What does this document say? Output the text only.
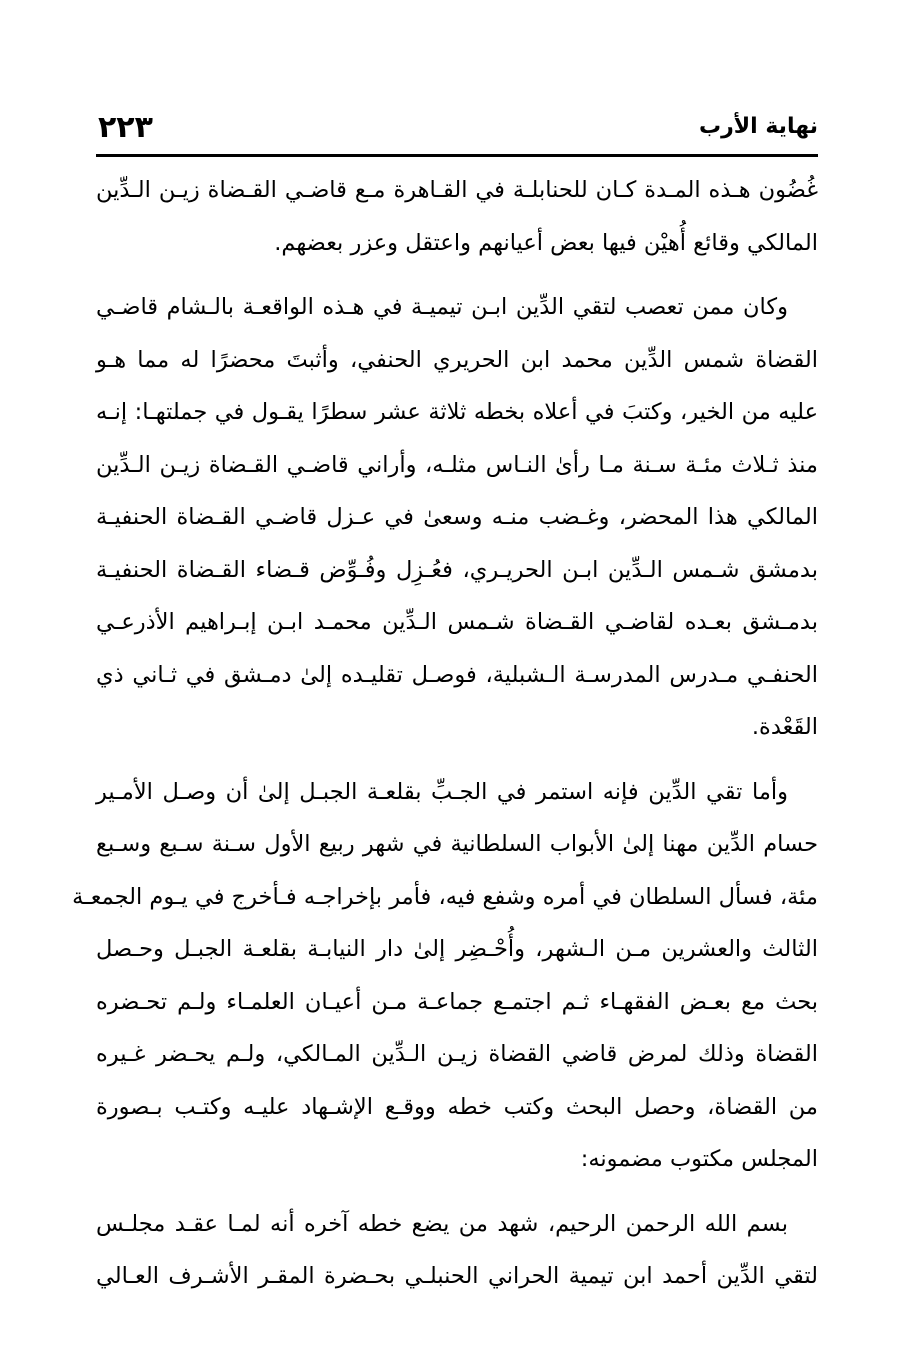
نهاية الأرب
٢٢٣
غُضُون هـذه المـدة كـان للحنابلـة في القـاهرة مـع قاضـي القـضاة زيـن الـدِّين
المالكي وقائع أُهيْن فيها بعض أعيانهم واعتقل وعزر بعضهم.
وكان ممن تعصب لتقي الدِّين ابـن تيميـة في هـذه الواقعـة بالـشام قاضـي
القضاة شمس الدِّين محمد ابن الحريري الحنفي، وأثبتَ محضرًا له مما هـو
عليه من الخير، وكتبَ في أعلاه بخطه ثلاثة عشر سطرًا يقـول في جملتهـا: إنـه
منذ ثـلاث مئـة سـنة مـا رأىٰ النـاس مثلـه، وأراني قاضـي القـضاة زيـن الـدِّين
المالكي هذا المحضر، وغـضب منـه وسعىٰ في عـزل قاضـي القـضاة الحنفيـة
بدمشق شـمس الـدِّين ابـن الحريـري، فعُـزِل وفُـوِّض قـضاء القـضاة الحنفيـة
بدمـشق بعـده لقاضـي القـضاة شـمس الـدِّين محمـد ابـن إبـراهيم الأذرعـي
الحنفـي مـدرس المدرسـة الـشبلية، فوصـل تقليـده إلىٰ دمـشق في ثـاني ذي
القَعْدة.
وأما تقي الدِّين فإنه استمر في الجـبِّ بقلعـة الجبـل إلىٰ أن وصـل الأمـير
حسام الدِّين مهنا إلىٰ الأبواب السلطانية في شهر ربيع الأول سـنة سـبع وسـبع
مئة، فسأل السلطان في أمره وشفع فيه، فأمر بإخراجـه فـأخرج في يـوم الجمعـة
الثالث والعشرين مـن الـشهر، وأُحْـضِر إلىٰ دار النيابـة بقلعـة الجبـل وحـصل
بحث مع بعـض الفقهـاء ثـم اجتمـع جماعـة مـن أعيـان العلمـاء ولـم تحـضره
القضاة وذلك لمرض قاضي القضاة زيـن الـدِّين المـالكي، ولـم يحـضر غـيره
من القضاة، وحصل البحث وكتب خطه ووقـع الإشـهاد عليـه وكتـب بـصورة
المجلس مكتوب مضمونه:
بسم الله الرحمن الرحيم، شهد من يضع خطه آخره أنه لمـا عقـد مجلـس
لتقي الدِّين أحمد ابن تيمية الحراني الحنبلـي بحـضرة المقـر الأشـرف العـالي
